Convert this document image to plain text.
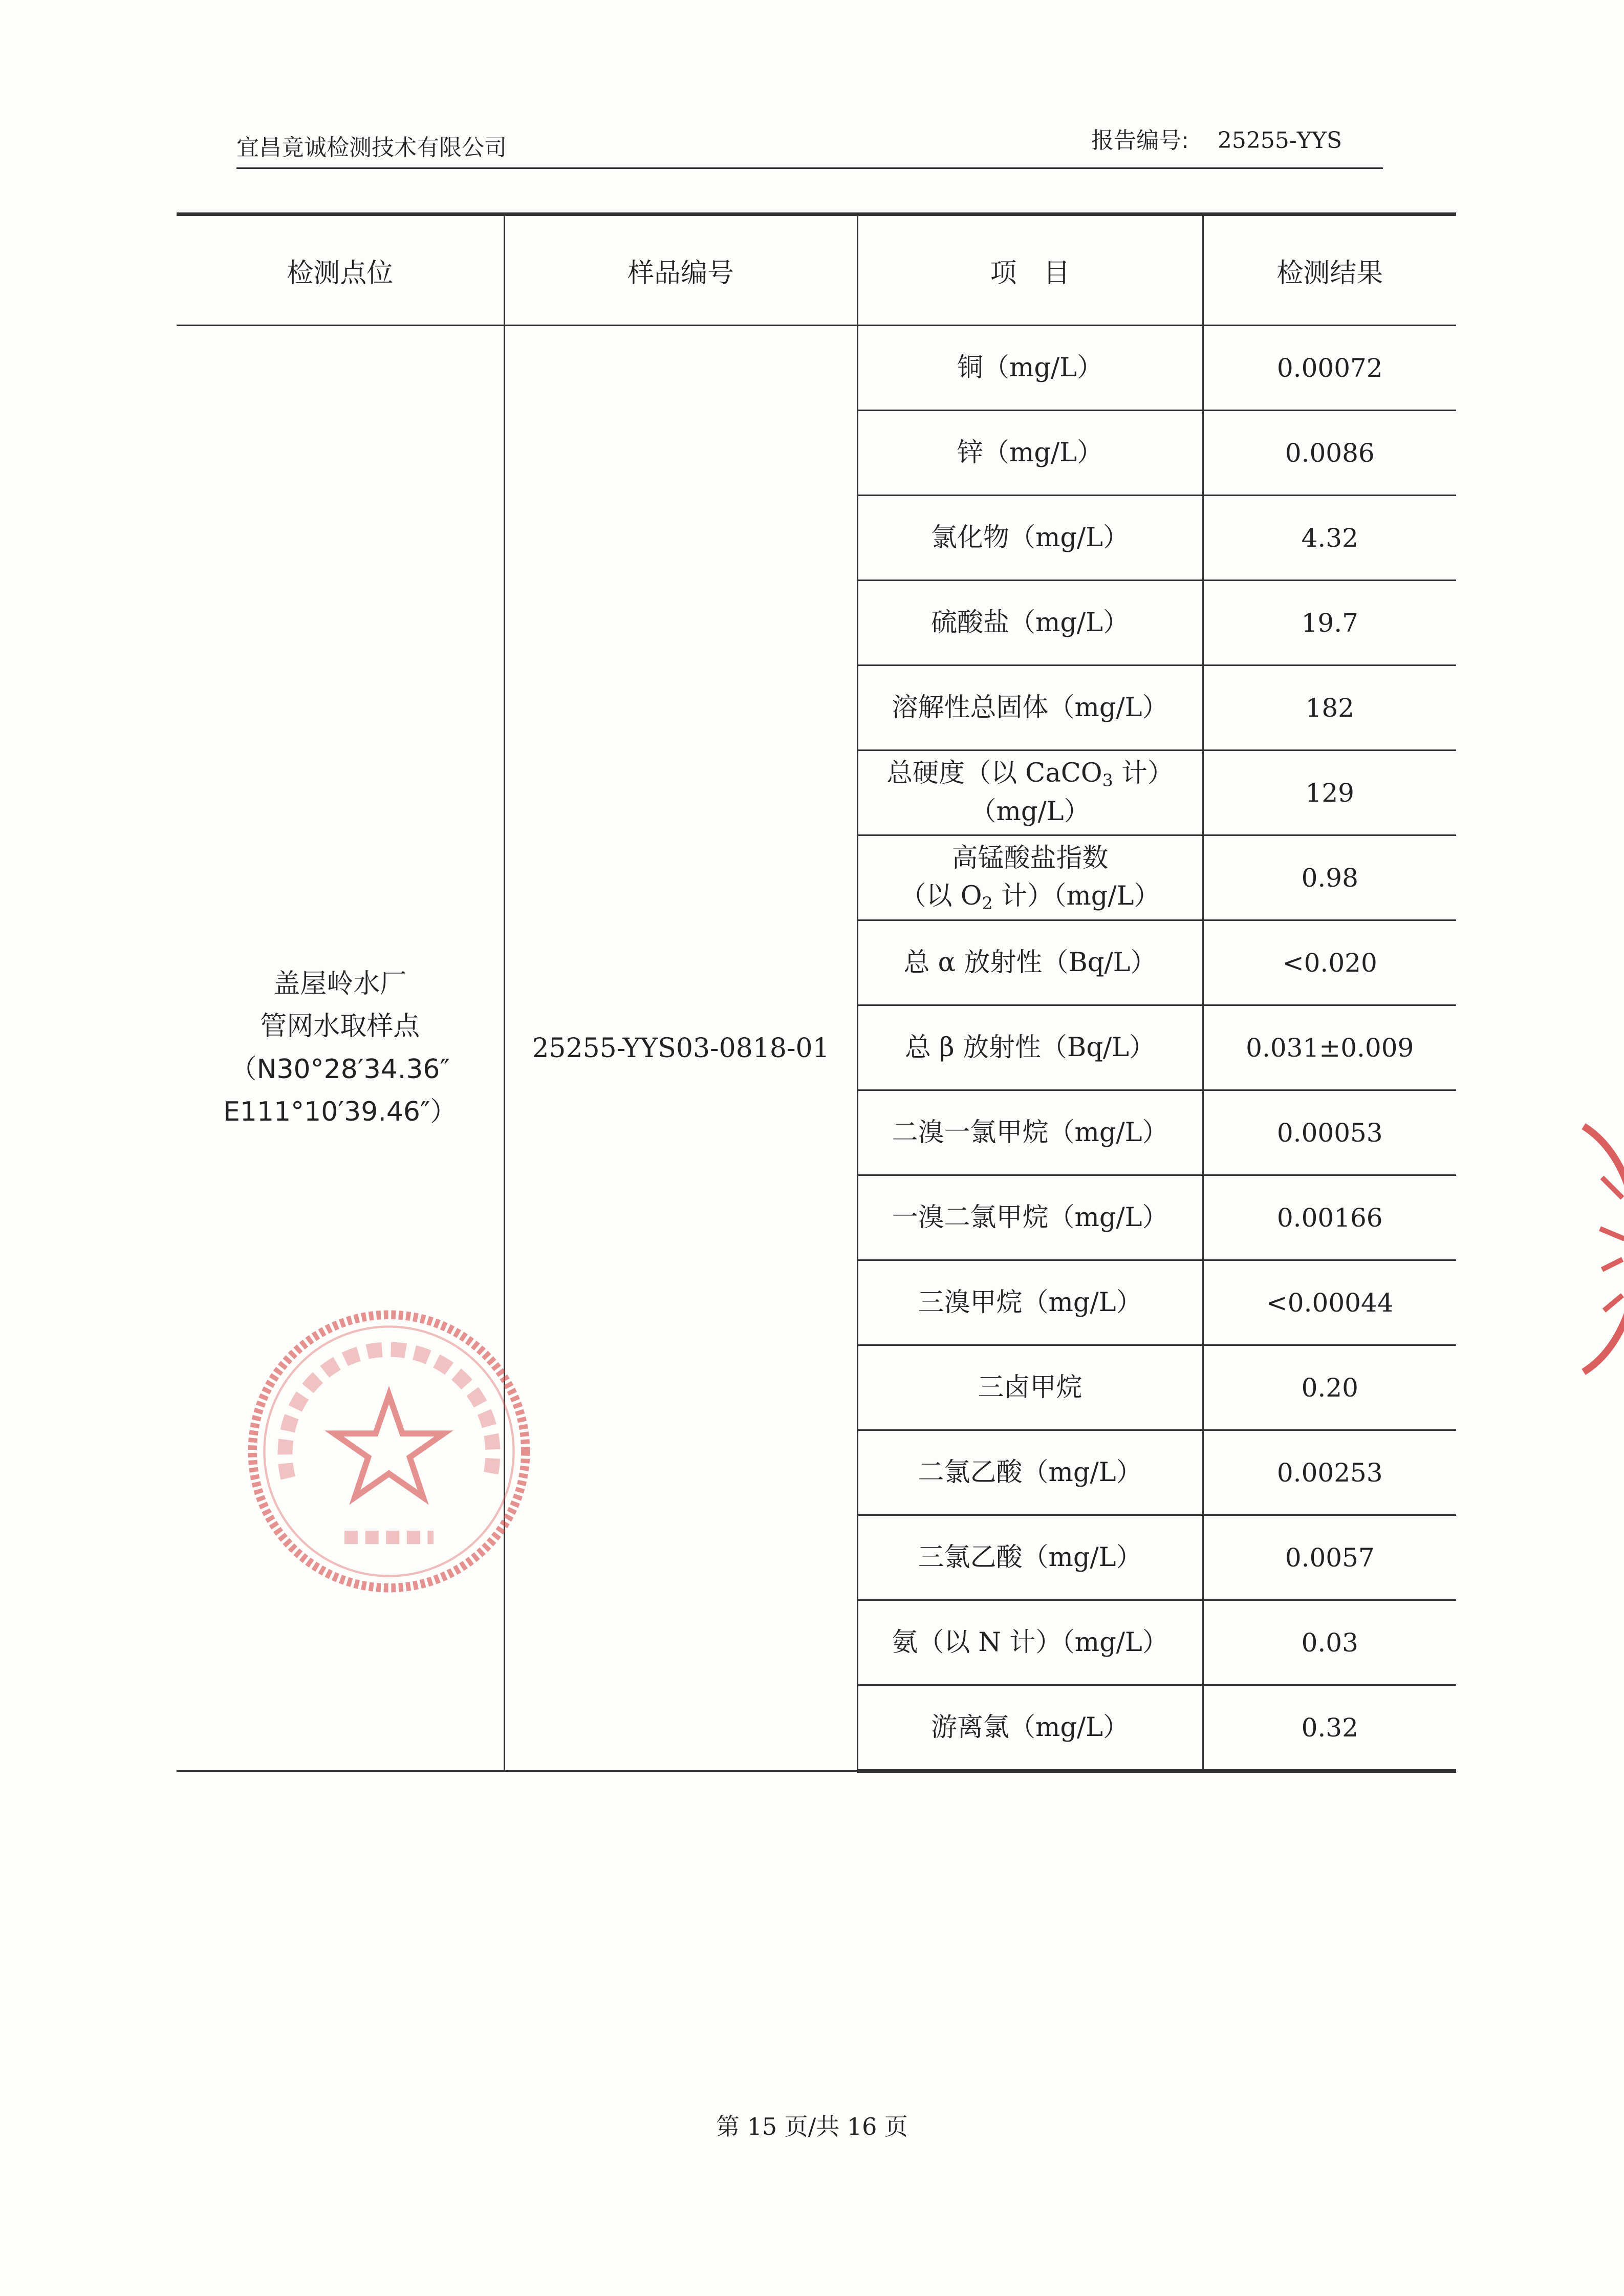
宜昌竟诚检测技术有限公司	报告编号: 25255-YYS
检测点位	样品编号	项　目	检测结果

盖屋岭水厂
管网水取样点
（N30°28′34.36″
E111°10′39.46″）	25255-YYS03-0818-01	铜（mg/L）	0.00072
		锌（mg/L）	0.0086
		氯化物（mg/L）	4.32
		硫酸盐（mg/L）	19.7
		溶解性总固体（mg/L）	182

		总硬度（以 CaCO$_3$ 计）
（mg/L）	129

		高锰酸盐指数
（以 $O_2$ 计）（mg/L）	0.98
		总 α 放射性（Bq/L）	<0.020
		总 β 放射性（Bq/L）	0.031±0.009
		二溴一氯甲烷（mg/L）	0.00053
		一溴二氯甲烷（mg/L）	0.00166
		三溴甲烷（mg/L）	<0.00044
		三卤甲烷	0.20
		二氯乙酸（mg/L）	0.00253
		三氯乙酸（mg/L）	0.0057
		氨（以 N 计）（mg/L）	0.03
		游离氯（mg/L）	0.32
第 15 页/共 16 页
